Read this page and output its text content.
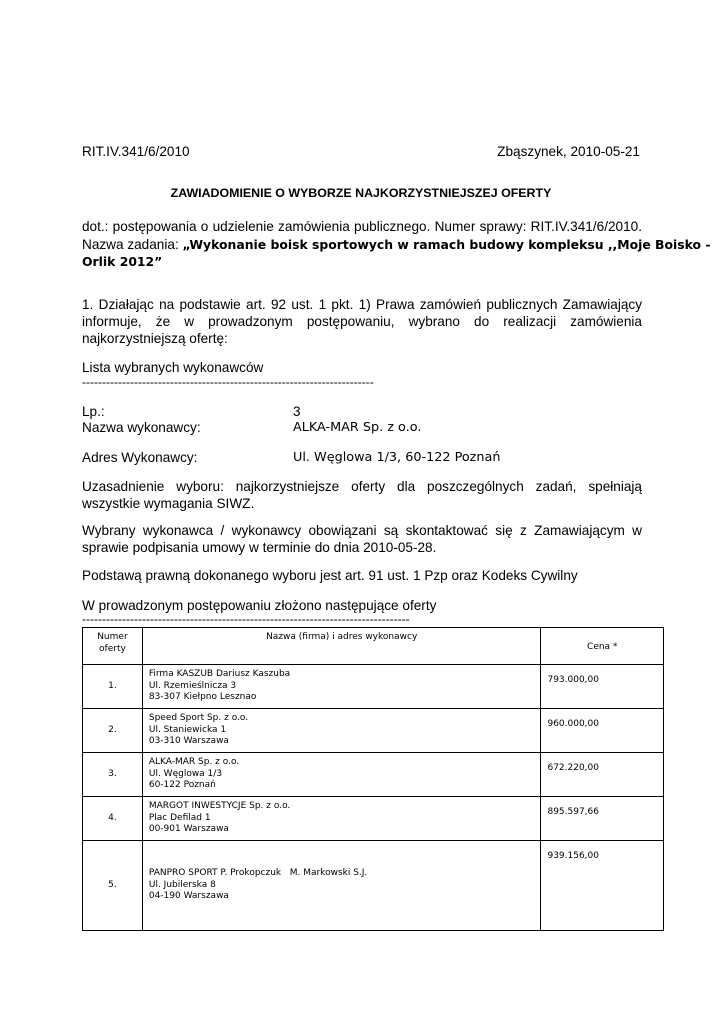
RIT.IV.341/6/2010	Zbąszynek, 2010-05-21
ZAWIADOMIENIE O WYBORZE NAJKORZYSTNIEJSZEJ OFERTY
dot.: postępowania o udzielenie zamówienia publicznego. Numer sprawy: RIT.IV.341/6/2010.
Nazwa zadania: „Wykonanie boisk sportowych w ramach budowy kompleksu ,,Moje Boisko -
Orlik 2012”
1. Działając na podstawie art. 92 ust. 1 pkt. 1) Prawa zamówień publicznych Zamawiający informuje, że w prowadzonym postępowaniu, wybrano do realizacji zamówienia najkorzystniejszą ofertę:
Lista wybranych wykonawców
-------------------------------------------------------------------------
Lp.:	3
Nazwa wykonawcy:	ALKA-MAR Sp. z o.o.
Adres Wykonawcy:	Ul. Węglowa 1/3, 60-122 Poznań
Uzasadnienie wyboru: najkorzystniejsze oferty dla poszczególnych zadań, spełniają wszystkie wymagania SIWZ.
Wybrany wykonawca / wykonawcy obowiązani są skontaktować się z Zamawiającym w sprawie podpisania umowy w terminie do dnia 2010-05-28.
Podstawą prawną dokonanego wyboru jest art. 91 ust. 1 Pzp oraz Kodeks Cywilny
W prowadzonym postępowaniu złożono następujące oferty
----------------------------------------------------------------------------------
Numer oferty	Nazwa (firma) i adres wykonawcy	Cena *

1.	Firma KASZUB Dariusz Kaszuba
Ul. Rzemieślnicza 3
83-307 Kiełpno Lesznao	793.000,00

2.	Speed Sport Sp. z o.o.
Ul. Staniewicka 1
03-310 Warszawa	960.000,00

3.	ALKA-MAR Sp. z o.o.
Ul. Węglowa 1/3
60-122 Poznań	672.220,00

4.	MARGOT INWESTYCJE Sp. z o.o.
Plac Defilad 1
00-901 Warszawa	895.597,66

5.	PANPRO SPORT P. Prokopczuk   M. Markowski S.J.
Ul. Jubilerska 8
04-190 Warszawa	939.156,00
